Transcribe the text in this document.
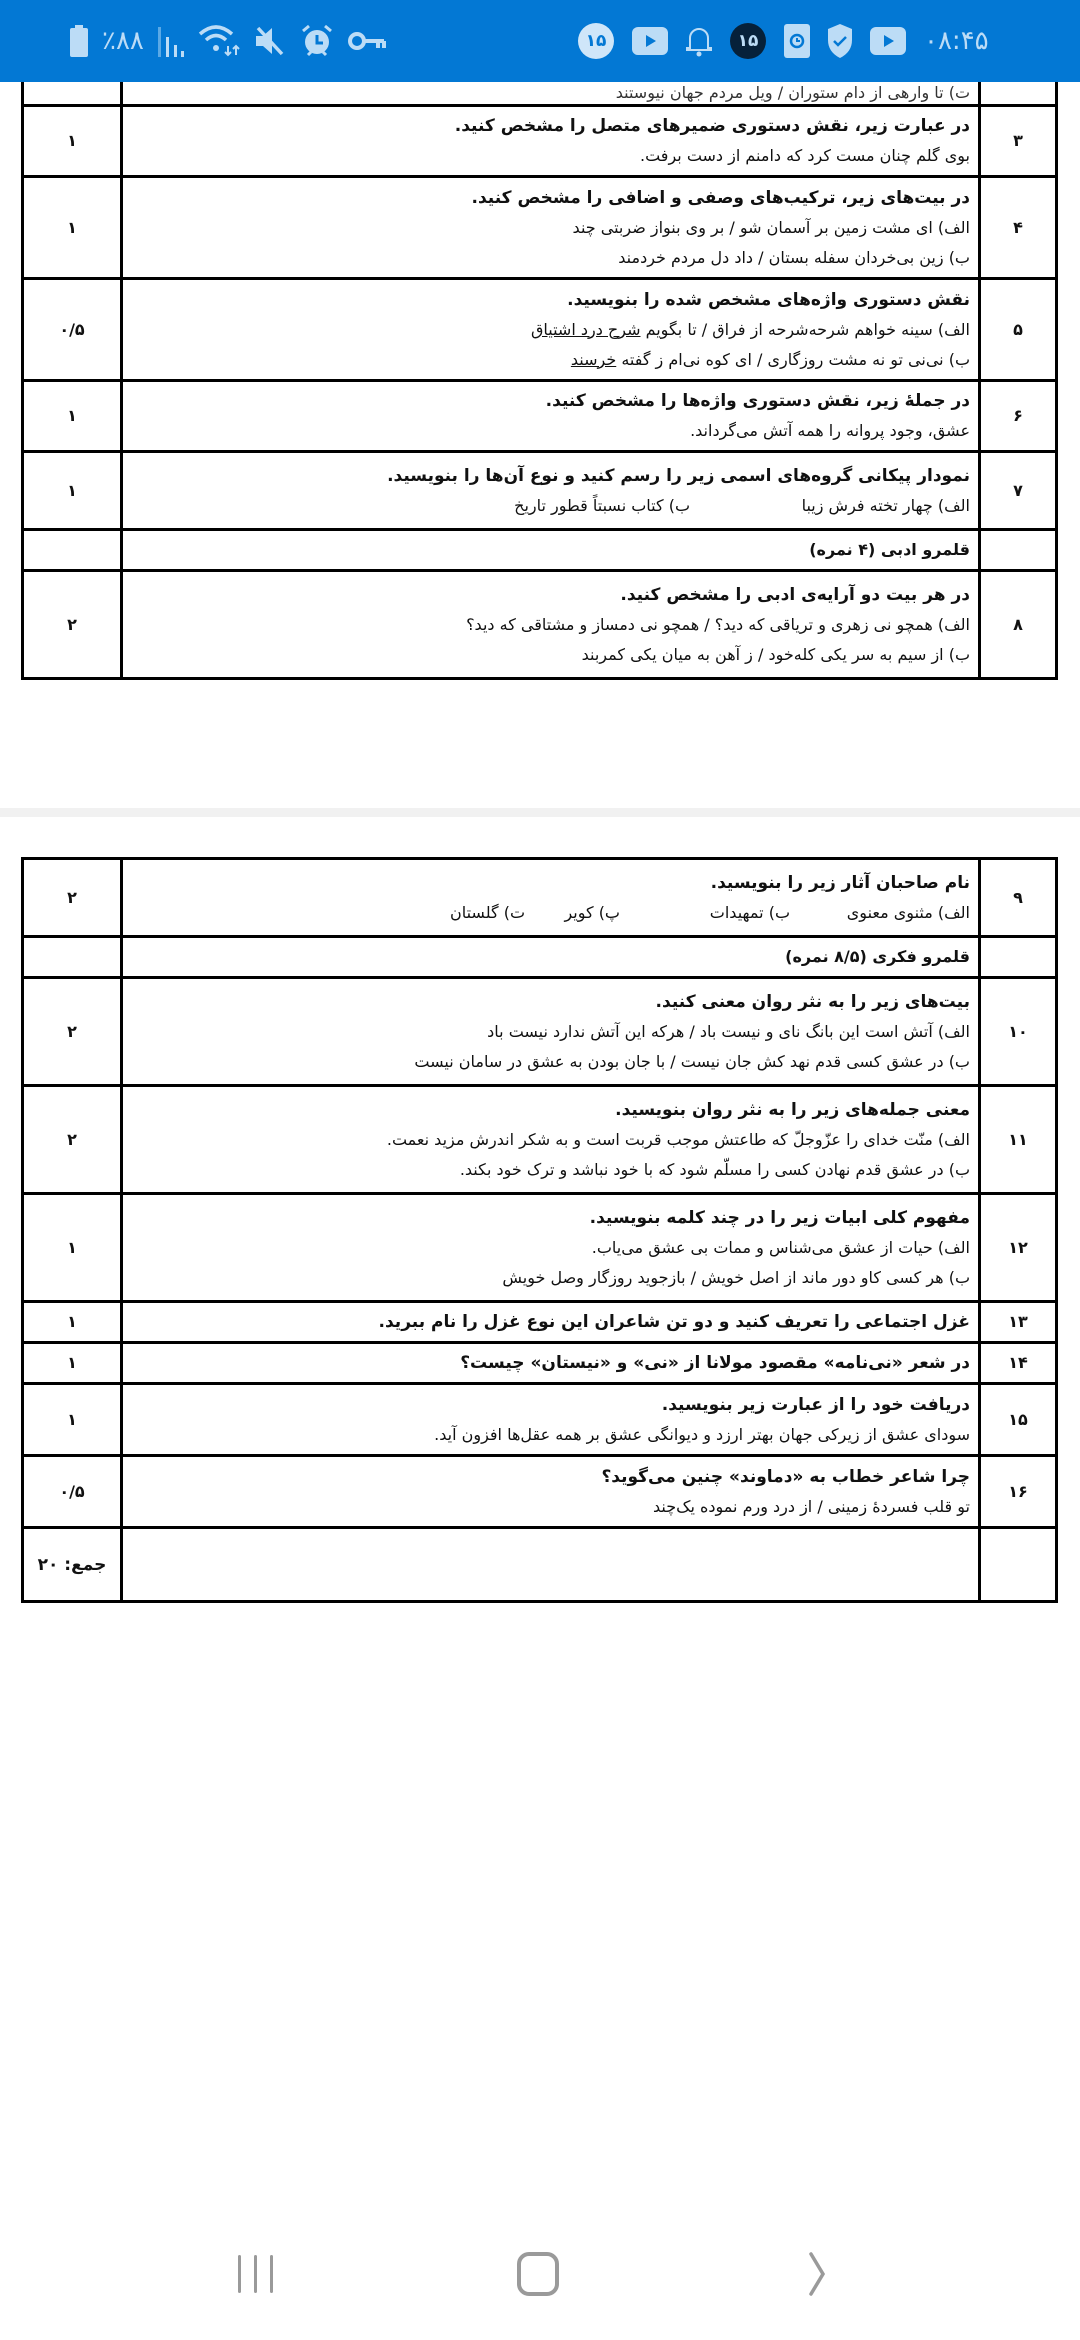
٪۸۸	۱۵	۱۵	۰۸:۴۵

	ت) تا وارهی از دام ستوران / ویل مردم جهان نیوستند	

۳	در عبارت زیر، نقش دستوری ضمیرهای متصل را مشخص کنید.
بوی گلم چنان مست کرد که دامنم از دست برفت.	۱
۴	در بیت‌های زیر، ترکیب‌های وصفی و اضافی را مشخص کنید.
الف) ای مشت زمین بر آسمان شو / بر وی بنواز ضربتی چند
ب) زین بی‌خردان سفله بستان / داد دل مردم خردمند	۱
۵	نقش دستوری واژه‌های مشخص شده را بنویسید.
الف) سینه خواهم شرحه‌شرحه از فراق / تا بگویم شرح درد اشتیاق
ب) نی‌نی تو نه مشت روزگاری / ای کوه نی‌ام ز گفته خرسند	۰/۵
۶	در جملهٔ زیر، نقش دستوری واژه‌ها را مشخص کنید.
عشق، وجود پروانه را همه آتش می‌گرداند.	۱
۷	نمودار پیکانی گروه‌های اسمی زیر را رسم کنید و نوع آن‌ها را بنویسید.
الف) چهار تخته فرش زیبا
ب) کتاب نسبتاً قطور تاریخ	۱

	قلمرو ادبی (۴ نمره)	

۸	در هر بیت دو آرایه‌ی ادبی را مشخص کنید.
الف) همچو نی زهری و تریاقی که دید؟ / همچو نی دمساز و مشتاقی که دید؟
ب) از سیم به سر یکی کله‌خود / ز آهن به میان یکی کمربند	۲
۹	نام صاحبان آثار زیر را بنویسید.
الف) مثنوی معنوی
ب) تمهیدات
پ) کویر
ت) گلستان	۲

	قلمرو فکری (۸/۵ نمره)	

۱۰	بیت‌های زیر را به نثر روان معنی کنید.
الف) آتش است این بانگ نای و نیست باد / هرکه این آتش ندارد نیست باد
ب) در عشق کسی قدم نهد کش جان نیست / با جان بودن به عشق در سامان نیست	۲
۱۱	معنی جمله‌های زیر را به نثر روان بنویسید.
الف) منّت خدای را عزّوجلّ که طاعتش موجب قربت است و به شکر اندرش مزید نعمت.
ب) در عشق قدم نهادن کسی را مسلّم شود که با خود نباشد و ترک خود بکند.	۲
۱۲	مفهوم کلی ابیات زیر را در چند کلمه بنویسید.
الف) حیات از عشق می‌شناس و ممات بی عشق می‌یاب.
ب) هر کسی کاو دور ماند از اصل خویش / بازجوید روزگار وصل خویش	۱
۱۳	غزل اجتماعی را تعریف کنید و دو تن شاعران این نوع غزل را نام ببرید.	۱
۱۴	در شعر «نی‌نامه» مقصود مولانا از «نی» و «نیستان» چیست؟	۱
۱۵	دریافت خود را از عبارت زیر بنویسید.
سودای عشق از زیرکی جهان بهتر ارزد و دیوانگی عشق بر همه عقل‌ها افزون آید.	۱
۱۶	چرا شاعر خطاب به «دماوند» چنین می‌گوید؟
تو قلب فسردهٔ زمینی / از درد ورم نموده یک‌چند	۰/۵
		جمع: ۲۰
